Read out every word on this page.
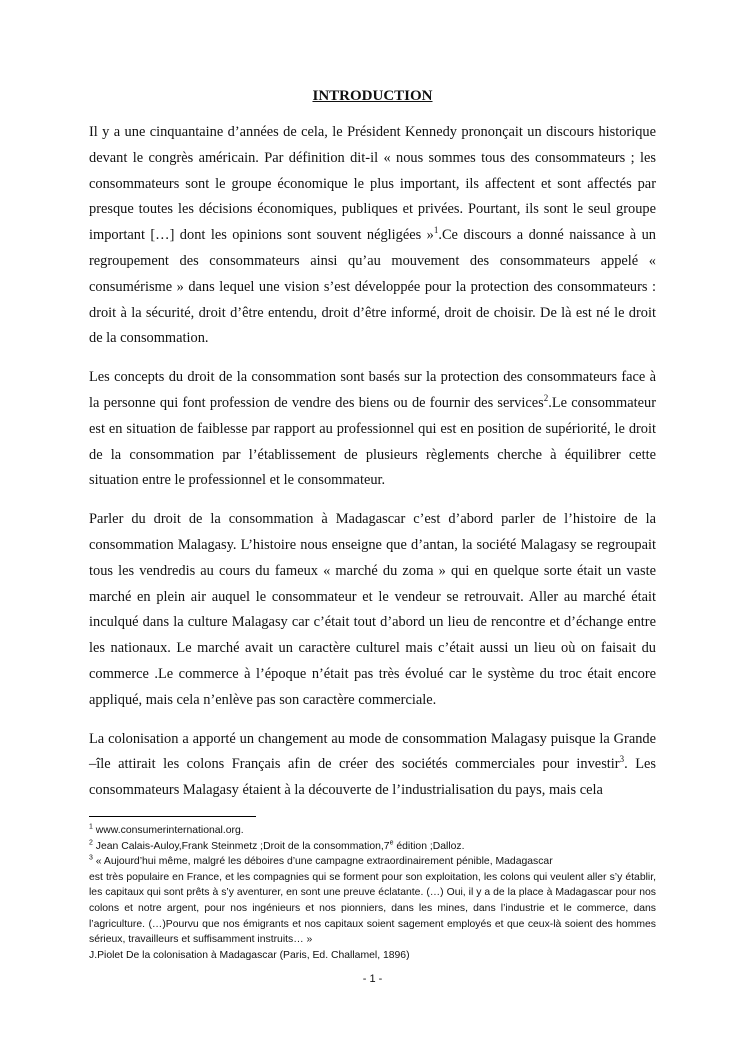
INTRODUCTION

Il y a une cinquantaine d’années de cela, le Président Kennedy prononçait un discours historique devant le congrès américain. Par définition dit-il « nous sommes tous des consommateurs ; les consommateurs sont le groupe économique le plus important, ils affectent et sont affectés par presque toutes les décisions économiques, publiques et privées. Pourtant, ils sont le seul groupe important […] dont les opinions sont souvent négligées »$^1$.Ce discours a donné naissance à un regroupement des consommateurs ainsi qu’au mouvement des consommateurs appelé « consumérisme » dans lequel une vision s’est développée pour la protection des consommateurs : droit à la sécurité, droit d’être entendu, droit d’être informé, droit de choisir. De là est né le droit de la consommation.

Les concepts du droit de la consommation sont basés sur la protection des consommateurs face à la personne qui font profession de vendre des biens ou de fournir des services$^2$.Le consommateur est en situation de faiblesse par rapport au professionnel qui est en position de supériorité, le droit de la consommation par l’établissement de plusieurs règlements cherche à équilibrer cette situation entre le professionnel et le consommateur.

Parler du droit de la consommation à Madagascar c’est d’abord parler de l’histoire de la consommation Malagasy. L’histoire nous enseigne que d’antan, la société Malagasy se regroupait tous les vendredis au cours du fameux « marché du zoma » qui en quelque sorte était un vaste marché en plein air auquel le consommateur et le vendeur se retrouvait. Aller au marché était inculqué dans la culture Malagasy car c’était tout d’abord un lieu de rencontre et d’échange entre les nationaux. Le marché avait un caractère culturel mais c’était aussi un lieu où on faisait du commerce .Le commerce à l’époque n’était pas très évolué car le système du troc était encore appliqué, mais cela n’enlève pas son caractère commerciale.

La colonisation a apporté un changement au mode de consommation Malagasy puisque la Grande –île attirait les colons Français afin de créer des sociétés commerciales pour investir$^3$. Les consommateurs Malagasy étaient à la découverte de l’industrialisation du pays, mais cela

$^1$ www.consumerinternational.org.
$^2$ Jean Calais-Auloy,Frank Steinmetz ;Droit de la consommation,7e édition ;Dalloz.
$^3$ « Aujourd’hui même, malgré les déboires d’une campagne extraordinairement pénible, Madagascar
est très populaire en France, et les compagnies qui se forment pour son exploitation, les colons qui veulent aller s’y établir, les capitaux qui sont prêts à s’y aventurer, en sont une preuve éclatante. (…) Oui, il y a de la place à Madagascar pour nos colons et notre argent, pour nos ingénieurs et nos pionniers, dans les mines, dans l’industrie et le commerce, dans l’agriculture. (…)Pourvu que nos émigrants et nos capitaux soient sagement employés et que ceux-là soient des hommes sérieux, travailleurs et suffisamment instruits… »
J.Piolet De la colonisation à Madagascar (Paris, Ed. Challamel, 1896)
- 1 -
